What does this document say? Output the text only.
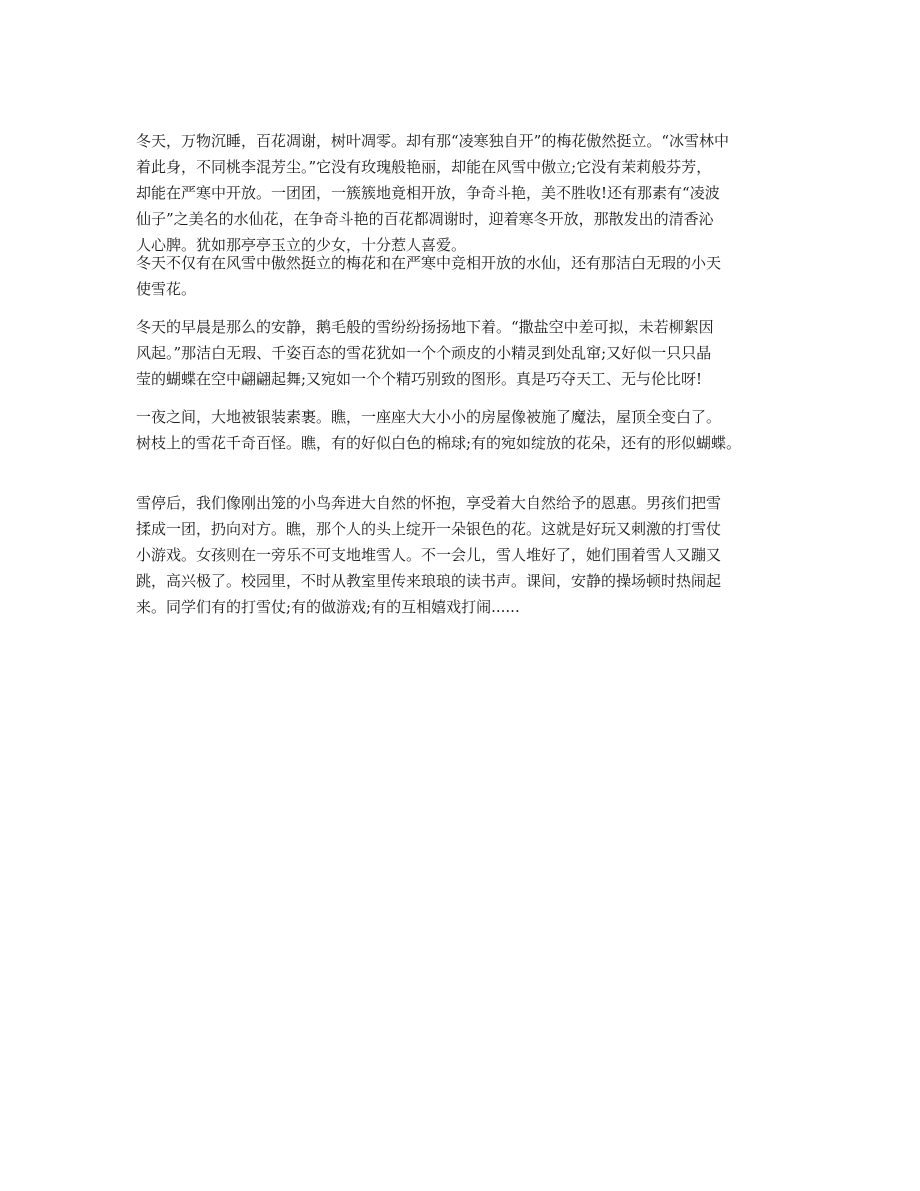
冬天，万物沉睡，百花凋谢，树叶凋零。却有那“凌寒独自开”的梅花傲然挺立。“冰雪林中
着此身，不同桃李混芳尘。”它没有玫瑰般艳丽，却能在风雪中傲立;它没有茉莉般芬芳，
却能在严寒中开放。一团团，一簇簇地竟相开放，争奇斗艳，美不胜收!还有那素有“凌波
仙子”之美名的水仙花，在争奇斗艳的百花都凋谢时，迎着寒冬开放，那散发出的清香沁
人心脾。犹如那亭亭玉立的少女，十分惹人喜爱。

冬天不仅有在风雪中傲然挺立的梅花和在严寒中竞相开放的水仙，还有那洁白无瑕的小天
使雪花。

冬天的早晨是那么的安静，鹅毛般的雪纷纷扬扬地下着。“撒盐空中差可拟，未若柳絮因
风起。”那洁白无瑕、千姿百态的雪花犹如一个个顽皮的小精灵到处乱窜;又好似一只只晶
莹的蝴蝶在空中翩翩起舞;又宛如一个个精巧别致的图形。真是巧夺天工、无与伦比呀!

一夜之间，大地被银装素裹。瞧，一座座大大小小的房屋像被施了魔法，屋顶全变白了。
树枝上的雪花千奇百怪。瞧，有的好似白色的棉球;有的宛如绽放的花朵，还有的形似蝴蝶。

雪停后，我们像刚出笼的小鸟奔进大自然的怀抱，享受着大自然给予的恩惠。男孩们把雪
揉成一团，扔向对方。瞧，那个人的头上绽开一朵银色的花。这就是好玩又刺激的打雪仗
小游戏。女孩则在一旁乐不可支地堆雪人。不一会儿，雪人堆好了，她们围着雪人又蹦又
跳，高兴极了。校园里，不时从教室里传来琅琅的读书声。课间，安静的操场顿时热闹起
来。同学们有的打雪仗;有的做游戏;有的互相嬉戏打闹......
